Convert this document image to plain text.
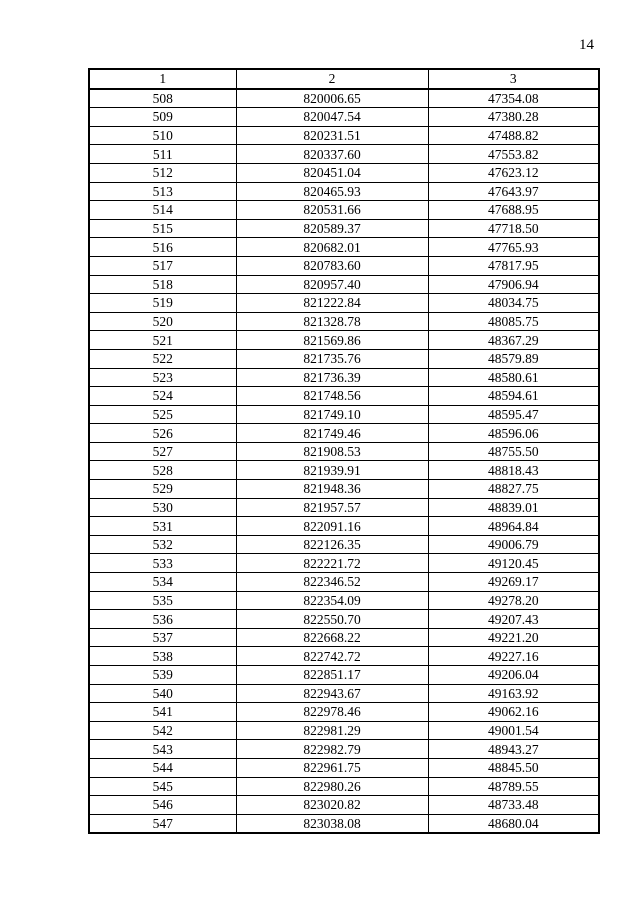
14
1	2	3
508	820006.65	47354.08
509	820047.54	47380.28
510	820231.51	47488.82
511	820337.60	47553.82
512	820451.04	47623.12
513	820465.93	47643.97
514	820531.66	47688.95
515	820589.37	47718.50
516	820682.01	47765.93
517	820783.60	47817.95
518	820957.40	47906.94
519	821222.84	48034.75
520	821328.78	48085.75
521	821569.86	48367.29
522	821735.76	48579.89
523	821736.39	48580.61
524	821748.56	48594.61
525	821749.10	48595.47
526	821749.46	48596.06
527	821908.53	48755.50
528	821939.91	48818.43
529	821948.36	48827.75
530	821957.57	48839.01
531	822091.16	48964.84
532	822126.35	49006.79
533	822221.72	49120.45
534	822346.52	49269.17
535	822354.09	49278.20
536	822550.70	49207.43
537	822668.22	49221.20
538	822742.72	49227.16
539	822851.17	49206.04
540	822943.67	49163.92
541	822978.46	49062.16
542	822981.29	49001.54
543	822982.79	48943.27
544	822961.75	48845.50
545	822980.26	48789.55
546	823020.82	48733.48
547	823038.08	48680.04
